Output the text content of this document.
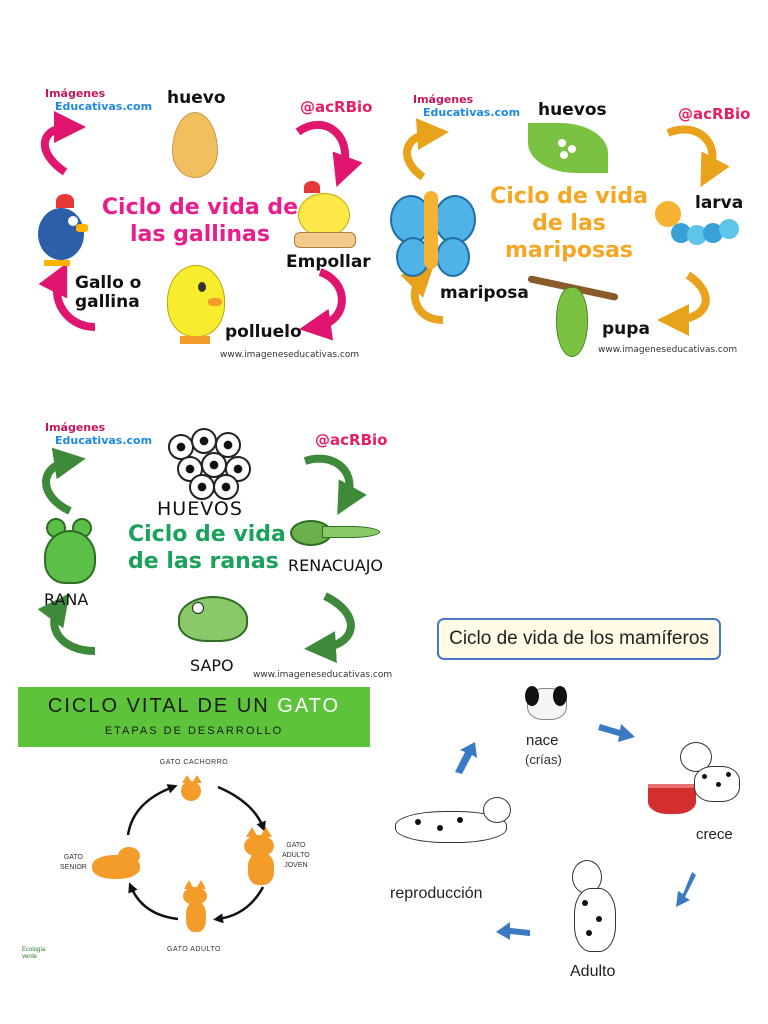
Imágenes
Educativas.com huevo	@acRBio
Ciclo de vida de
las gallinas
Empollar
Gallo o
gallina
polluelo
www.imageneseducativas.com
Imágenes
Educativas.com huevos	@acRBio
Ciclo de vida
de las
mariposas
larva
mariposa
pupa
www.imageneseducativas.com
Imágenes
Educativas.com	@acRBio
HUEVOS
Ciclo de vida
de las ranas RENACUAJO
RANA
SAPO www.imageneseducativas.com
Ciclo de vida de los mamíferos
nace
(crías)
crece
reproducción
Adulto
CICLO VITAL DE UN GATO
ETAPAS DE DESARROLLO
GATO CACHORRO
GATO
ADULTO
JOVEN
GATO
SENIOR
GATO ADULTO
Ecología
verde
